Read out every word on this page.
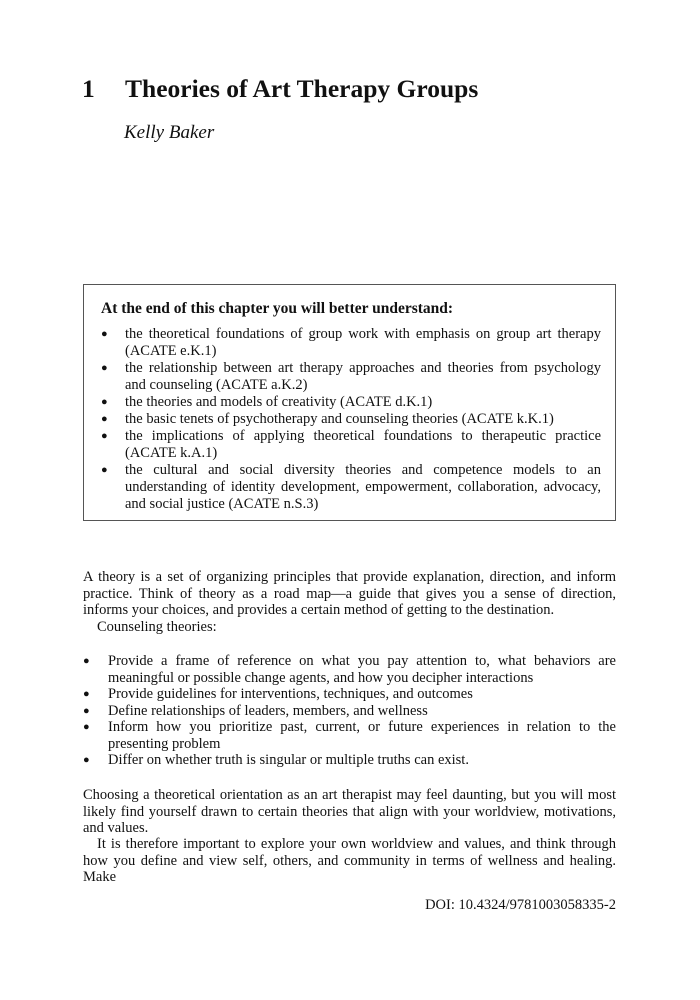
1 Theories of Art Therapy Groups
Kelly Baker
At the end of this chapter you will better understand:
● the theoretical foundations of group work with emphasis on group art therapy (ACATE e.K.1)
● the relationship between art therapy approaches and theories from psychology and counseling (ACATE a.K.2)
● the theories and models of creativity (ACATE d.K.1)
● the basic tenets of psychotherapy and counseling theories (ACATE k.K.1)
● the implications of applying theoretical foundations to therapeutic practice (ACATE k.A.1)
● the cultural and social diversity theories and competence models to an understanding of identity development, empowerment, collaboration, advocacy, and social justice (ACATE n.S.3)

A theory is a set of organizing principles that provide explanation, direction, and inform practice. Think of theory as a road map—a guide that gives you a sense of direction, informs your choices, and provides a certain method of getting to the destination.

Counseling theories:
● Provide a frame of reference on what you pay attention to, what behaviors are meaningful or possible change agents, and how you decipher interactions
● Provide guidelines for interventions, techniques, and outcomes
● Define relationships of leaders, members, and wellness
● Inform how you prioritize past, current, or future experiences in relation to the presenting problem
● Differ on whether truth is singular or multiple truths can exist.

Choosing a theoretical orientation as an art therapist may feel daunting, but you will most likely find yourself drawn to certain theories that align with your worldview, motivations, and values.

It is therefore important to explore your own worldview and values, and think through how you define and view self, others, and community in terms of wellness and healing. Make

DOI: 10.4324/9781003058335-2
